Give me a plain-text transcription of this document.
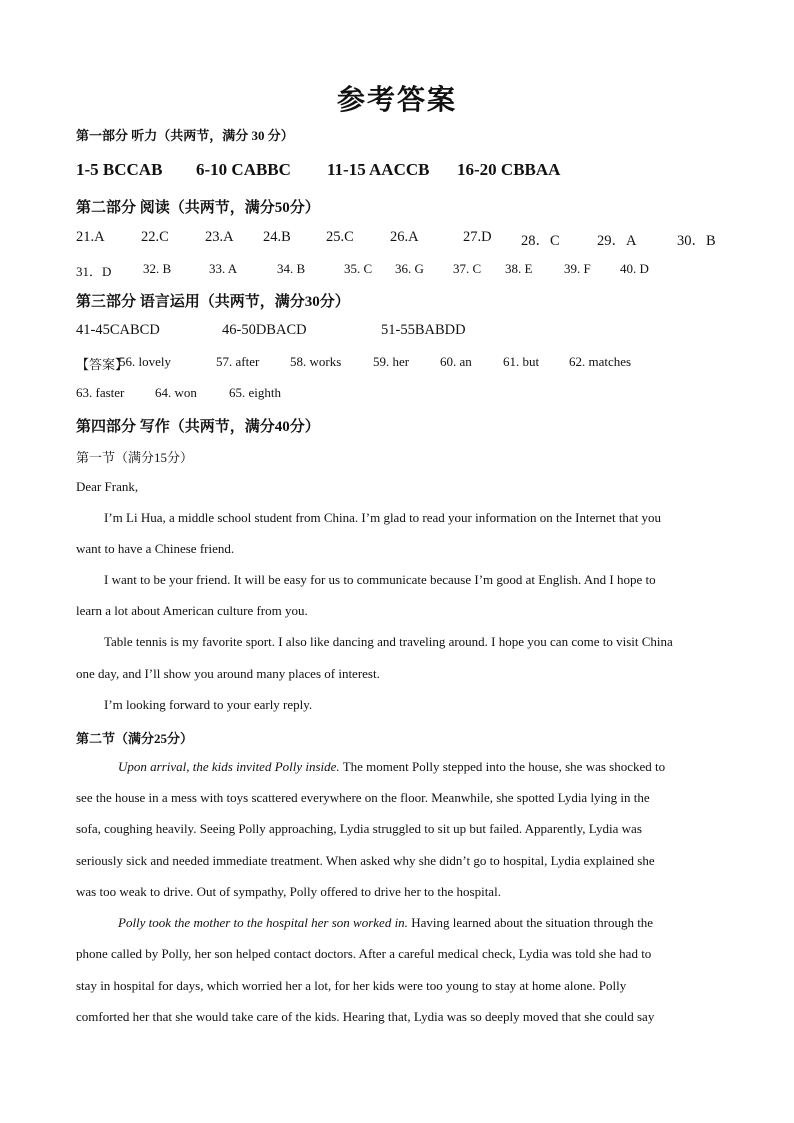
参考答案
第一部分 听力（共两节，满分 30 分）
1-5 BCCAB 6-10 CABBC 11-15 AACCB 16-20 CBBAA
第二部分 阅读（共两节，满分50分）
21.A	22.C 23.A 24.B 25.C 26.A	27.D 28．C	29．A	30．B
31．D 32. B	33. A	34. B	35. C 36. G 37. C 38. E 39. F 40. D
第三部分 语言运用（共两节，满分30分）
41-45CABCD	46-50DBACD	51-55BABDD
【答案】
56. lovely	57. after 58. works 59. her 60. an 61. but 62. matches
63. faster 64. won 65. eighth
第四部分 写作（共两节，满分40分）
第一节（满分15分）
Dear Frank,
I’m Li Hua, a middle school student from China. I’m glad to read your information on the Internet that you
want to have a Chinese friend.
I want to be your friend. It will be easy for us to communicate because I’m good at English. And I hope to
learn a lot about American culture from you.
Table tennis is my favorite sport. I also like dancing and traveling around. I hope you can come to visit China
one day, and I’ll show you around many places of interest.
I’m looking forward to your early reply.
第二节（满分25分）
Upon arrival, the kids invited Polly inside. The moment Polly stepped into the house, she was shocked to
see the house in a mess with toys scattered everywhere on the floor. Meanwhile, she spotted Lydia lying in the
sofa, coughing heavily. Seeing Polly approaching, Lydia struggled to sit up but failed. Apparently, Lydia was
seriously sick and needed immediate treatment. When asked why she didn’t go to hospital, Lydia explained she
was too weak to drive. Out of sympathy, Polly offered to drive her to the hospital.
Polly took the mother to the hospital her son worked in. Having learned about the situation through the
phone called by Polly, her son helped contact doctors. After a careful medical check, Lydia was told she had to
stay in hospital for days, which worried her a lot, for her kids were too young to stay at home alone. Polly
comforted her that she would take care of the kids. Hearing that, Lydia was so deeply moved that she could say
